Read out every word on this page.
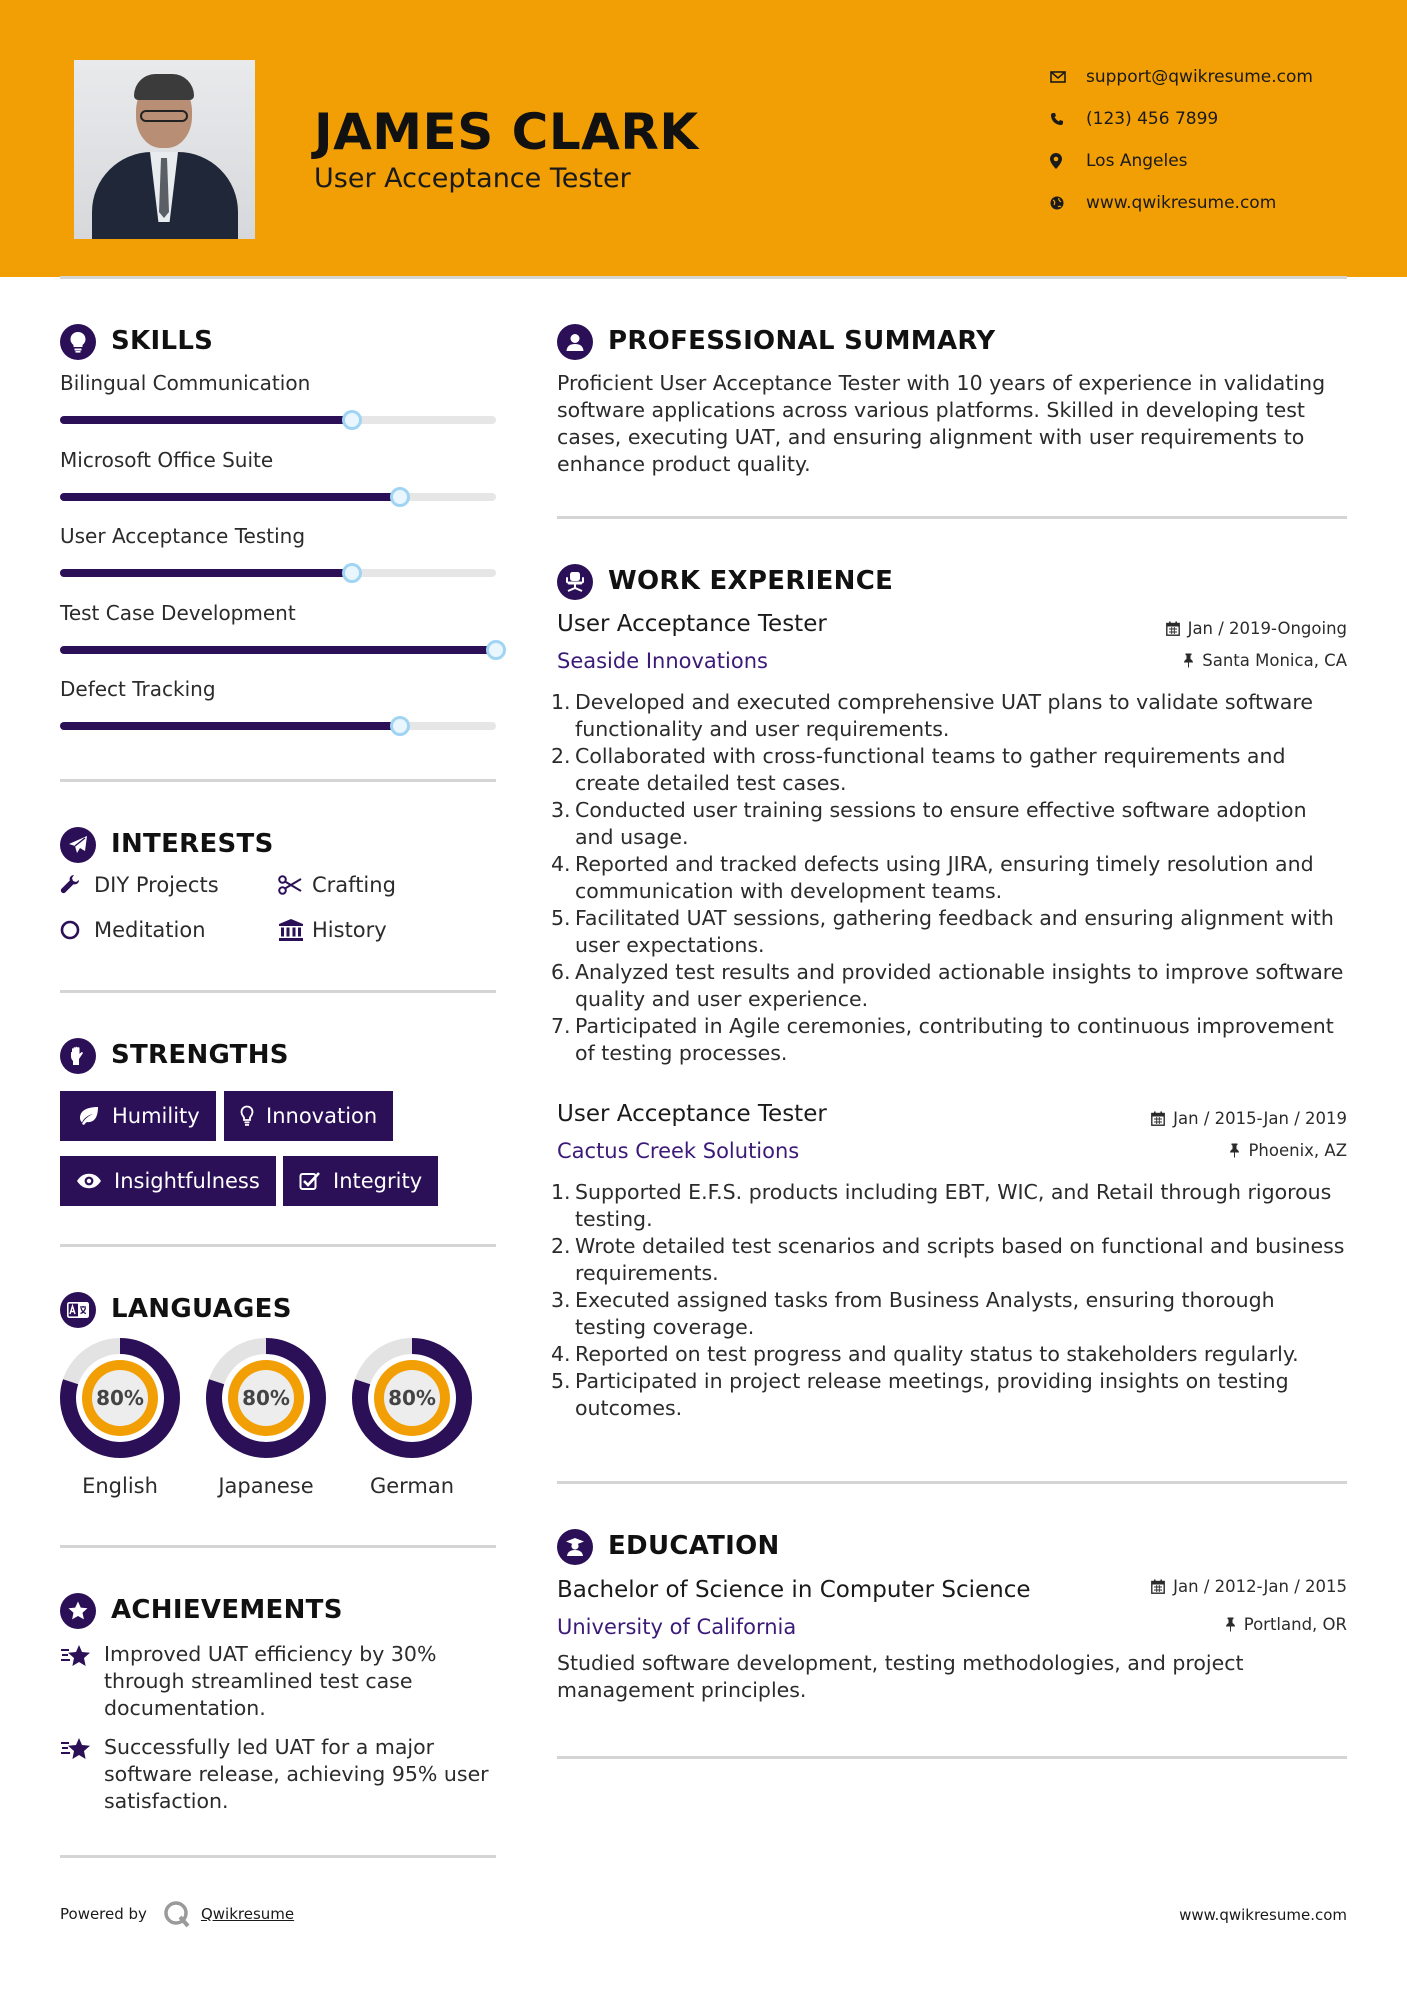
JAMES CLARK
User Acceptance Tester
support@qwikresume.com
(123) 456 7899
Los Angeles
www.qwikresume.com
SKILLS
Bilingual Communication
Microsoft Office Suite
User Acceptance Testing
Test Case Development
Defect Tracking
INTERESTS
DIY Projects	Crafting
Meditation	History
STRENGTHS
Humility	Innovation
Insightfulness	Integrity
LANGUAGES
80%
English
80%
Japanese
80%
German
ACHIEVEMENTS
Improved UAT efficiency by 30% through streamlined test case documentation.
Successfully led UAT for a major software release, achieving 95% user satisfaction.
PROFESSIONAL SUMMARY
Proficient User Acceptance Tester with 10 years of experience in validating software applications across various platforms. Skilled in developing test cases, executing UAT, and ensuring alignment with user requirements to enhance product quality.
WORK EXPERIENCE
User Acceptance Tester	Jan / 2019-Ongoing
Seaside Innovations	Santa Monica, CA
1. Developed and executed comprehensive UAT plans to validate software functionality and user requirements.
2. Collaborated with cross-functional teams to gather requirements and create detailed test cases.
3. Conducted user training sessions to ensure effective software adoption and usage.
4. Reported and tracked defects using JIRA, ensuring timely resolution and communication with development teams.
5. Facilitated UAT sessions, gathering feedback and ensuring alignment with user expectations.
6. Analyzed test results and provided actionable insights to improve software quality and user experience.
7. Participated in Agile ceremonies, contributing to continuous improvement of testing processes.
User Acceptance Tester	Jan / 2015-Jan / 2019
Cactus Creek Solutions	Phoenix, AZ
1. Supported E.F.S. products including EBT, WIC, and Retail through rigorous testing.
2. Wrote detailed test scenarios and scripts based on functional and business requirements.
3. Executed assigned tasks from Business Analysts, ensuring thorough testing coverage.
4. Reported on test progress and quality status to stakeholders regularly.
5. Participated in project release meetings, providing insights on testing outcomes.
EDUCATION
Bachelor of Science in Computer Science	Jan / 2012-Jan / 2015
University of California	Portland, OR
Studied software development, testing methodologies, and project management principles.
Powered by	Qwikresume	www.qwikresume.com
